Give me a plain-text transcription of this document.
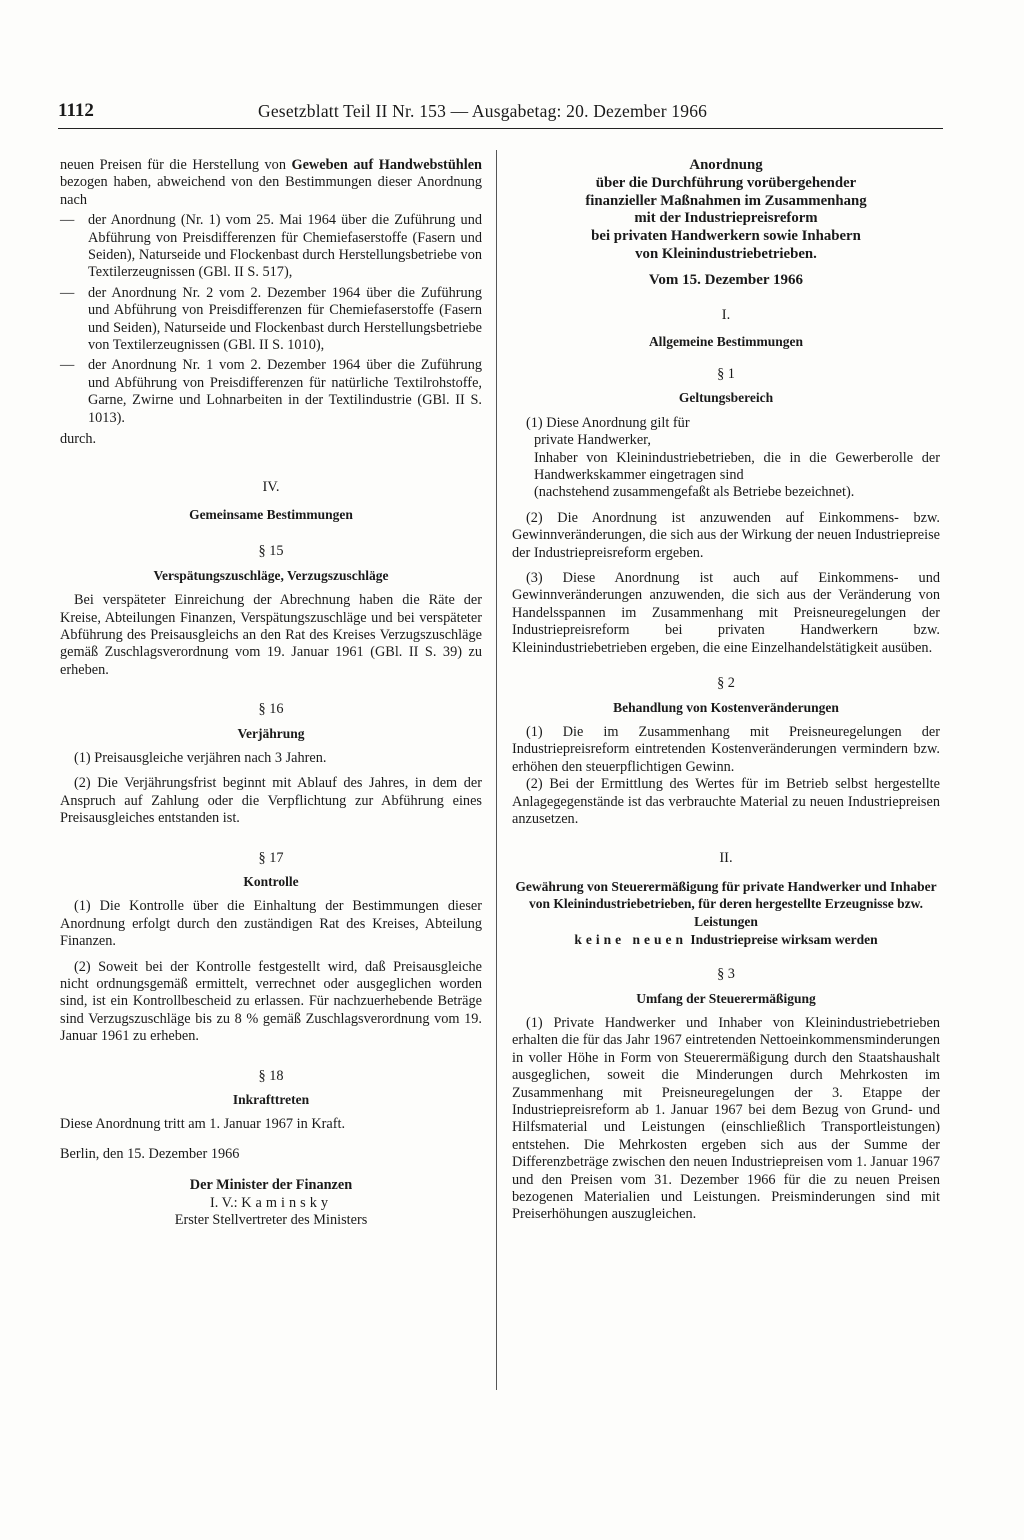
1112	Gesetzblatt Teil II Nr. 153 — Ausgabetag: 20. Dezember 1966

neuen Preisen für die Herstellung von Geweben auf Handwebstühlen bezogen haben, abweichend von den Bestimmungen dieser Anordnung nach

— der Anordnung (Nr. 1) vom 25. Mai 1964 über die Zuführung und Abführung von Preisdifferenzen für Chemiefaserstoffe (Fasern und Seiden), Naturseide und Flockenbast durch Herstellungsbetriebe von Textilerzeugnissen (GBl. II S. 517),
— der Anordnung Nr. 2 vom 2. Dezember 1964 über die Zuführung und Abführung von Preisdifferenzen für Chemiefaserstoffe (Fasern und Seiden), Naturseide und Flockenbast durch Herstellungsbetriebe von Textilerzeugnissen (GBl. II S. 1010),
— der Anordnung Nr. 1 vom 2. Dezember 1964 über die Zuführung und Abführung von Preisdifferenzen für natürliche Textilrohstoffe, Garne, Zwirne und Lohnarbeiten in der Textilindustrie (GBl. II S. 1013).

durch.

IV.
Gemeinsame Bestimmungen
§ 15
Verspätungszuschläge, Verzugszuschläge

Bei verspäteter Einreichung der Abrechnung haben die Räte der Kreise, Abteilungen Finanzen, Verspätungszuschläge und bei verspäteter Abführung des Preisausgleichs an den Rat des Kreises Verzugszuschläge gemäß Zuschlagsverordnung vom 19. Januar 1961 (GBl. II S. 39) zu erheben.

§ 16
Verjährung

(1) Preisausgleiche verjähren nach 3 Jahren.

(2) Die Verjährungsfrist beginnt mit Ablauf des Jahres, in dem der Anspruch auf Zahlung oder die Verpflichtung zur Abführung eines Preisausgleiches entstanden ist.

§ 17
Kontrolle

(1) Die Kontrolle über die Einhaltung der Bestimmungen dieser Anordnung erfolgt durch den zuständigen Rat des Kreises, Abteilung Finanzen.

(2) Soweit bei der Kontrolle festgestellt wird, daß Preisausgleiche nicht ordnungsgemäß ermittelt, verrechnet oder ausgeglichen worden sind, ist ein Kontrollbescheid zu erlassen. Für nachzuerhebende Beträge sind Verzugszuschläge bis zu 8 % gemäß Zuschlagsverordnung vom 19. Januar 1961 zu erheben.

§ 18
Inkrafttreten

Diese Anordnung tritt am 1. Januar 1967 in Kraft.

Berlin, den 15. Dezember 1966

Der Minister der Finanzen
I. V.: Kaminsky
Erster Stellvertreter des Ministers
Anordnung
über die Durchführung vorübergehender
finanzieller Maßnahmen im Zusammenhang
mit der Industriepreisreform
bei privaten Handwerkern sowie Inhabern
von Kleinindustriebetrieben.
Vom 15. Dezember 1966
I.
Allgemeine Bestimmungen
§ 1
Geltungsbereich

(1) Diese Anordnung gilt für

private Handwerker,

Inhaber von Kleinindustriebetrieben, die in die Gewerberolle der Handwerkskammer eingetragen sind

(nachstehend zusammengefaßt als Betriebe bezeichnet).

(2) Die Anordnung ist anzuwenden auf Einkommens- bzw. Gewinnveränderungen, die sich aus der Wirkung der neuen Industriepreise der Industriepreisreform ergeben.

(3) Diese Anordnung ist auch auf Einkommens- und Gewinnveränderungen anzuwenden, die sich aus der Veränderung von Handelsspannen im Zusammenhang mit Preisneuregelungen der Industriepreisreform bei privaten Handwerkern bzw. Kleinindustriebetrieben ergeben, die eine Einzelhandelstätigkeit ausüben.

§ 2
Behandlung von Kostenveränderungen

(1) Die im Zusammenhang mit Preisneuregelungen der Industriepreisreform eintretenden Kostenveränderungen vermindern bzw. erhöhen den steuerpflichtigen Gewinn.

(2) Bei der Ermittlung des Wertes für im Betrieb selbst hergestellte Anlagegegenstände ist das verbrauchte Material zu neuen Industriepreisen anzusetzen.

II.
Gewährung von Steuerermäßigung für private Handwerker und Inhaber von Kleinindustriebetrieben, für deren hergestellte Erzeugnisse bzw. Leistungen
keine neuen Industriepreise wirksam werden
§ 3
Umfang der Steuerermäßigung

(1) Private Handwerker und Inhaber von Kleinindustriebetrieben erhalten die für das Jahr 1967 eintretenden Nettoeinkommensminderungen in voller Höhe in Form von Steuerermäßigung durch den Staatshaushalt ausgeglichen, soweit die Minderungen durch Mehrkosten im Zusammenhang mit Preisneuregelungen der 3. Etappe der Industriepreisreform ab 1. Januar 1967 bei dem Bezug von Grund- und Hilfsmaterial und Leistungen (einschließlich Transportleistungen) entstehen. Die Mehrkosten ergeben sich aus der Summe der Differenzbeträge zwischen den neuen Industriepreisen vom 1. Januar 1967 und den Preisen vom 31. Dezember 1966 für die zu neuen Preisen bezogenen Materialien und Leistungen. Preisminderungen sind mit Preiserhöhungen auszugleichen.
